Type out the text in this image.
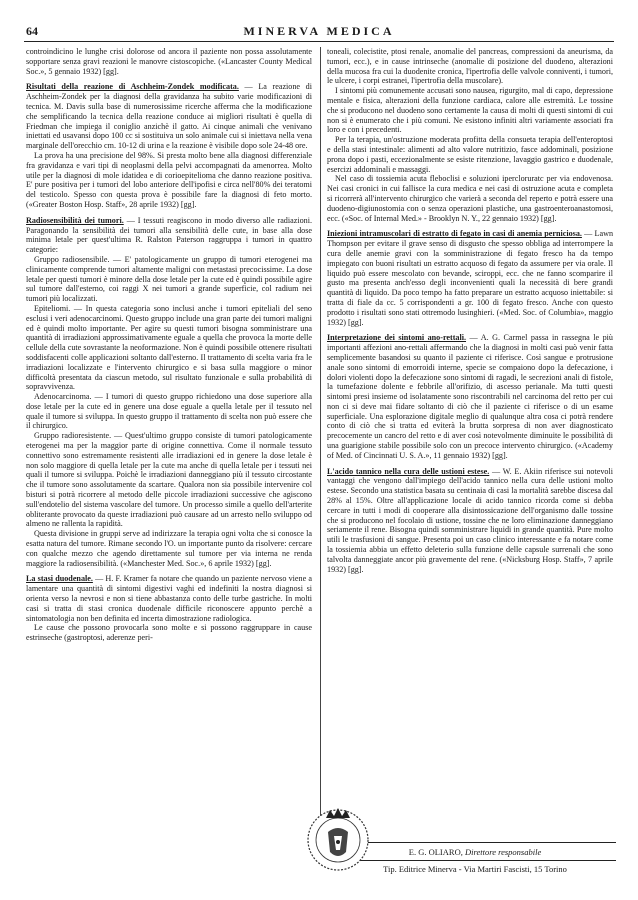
64	MINERVA MEDICA

controindicino le lunghe crisi dolorose od ancora il paziente non possa assolutamente sopportare senza gravi reazioni le manovre cistoscopiche. («Lancaster County Medical Soc.», 5 gennaio 1932) [gg].

Risultati della reazione di Aschheim-Zondek modificata. — La reazione di Aschheim-Zondek per la diagnosi della gravidanza ha subito varie modificazioni di tecnica. M. Davis sulla base di numerosissime ricerche afferma che la modificazione che semplificando la tecnica della reazione conduce ai migliori risultati è quella di Friedman che impiega il coniglio anzichè il gatto. Ai cinque animali che venivano iniettati ed usavansi dopo 100 cc si sostituiva un solo animale cui si iniettava nella vena marginale dell'orecchio cm. 10-12 di urina e la reazione è visibile dopo sole 24-48 ore.

La prova ha una precisione del 98%. Si presta molto bene alla diagnosi differenziale fra gravidanza e vari tipi di neoplasmi della pelvi accompagnati da amenorrea. Molto utile per la diagnosi di mole idatidea e di corioepitelioma che danno reazione positiva. E' pure positiva per i tumori del lobo anteriore dell'ipofisi e circa nell'80% dei teratomi del testicolo. Spesso con questa prova è possibile fare la diagnosi di feto morto. («Greater Boston Hosp. Staff», 28 aprile 1932) [gg].

Radiosensibilità dei tumori. — I tessuti reagiscono in modo diverso alle radiazioni. Paragonando la sensibilità dei tumori alla sensibilità delle cute, in base alla dose minima letale per quest'ultima R. Ralston Paterson raggruppa i tumori in quattro categorie:

Gruppo radiosensibile. — E' patologicamente un gruppo di tumori eterogenei ma clinicamente comprende tumori altamente maligni con metastasi precocissime. La dose letale per questi tumori è minore della dose letale per la cute ed è quindi possibile agire sul tumore dall'esterno, coi raggi X nei tumori a grande superficie, col radium nei tumori più localizzati.

Epiteliomi. — In questa categoria sono inclusi anche i tumori epiteliali del seno esclusi i veri adenocarcinomi. Questo gruppo include una gran parte dei tumori maligni ed è quindi molto importante. Per agire su questi tumori bisogna somministrare una quantità di irradiazioni approssimativamente eguale a quella che provoca la morte delle cellule della cute sovrastante la neoformazione. Non è quindi possibile ottenere risultati soddisfacenti colle applicazioni soltanto dall'esterno. Il trattamento di scelta varia fra le irradiazioni localizzate e l'intervento chirurgico e si basa sulla maggiore o minor difficoltà presentata da ciascun metodo, sul risultato funzionale e sulla probabilità di sopravvivenza.

Adenocarcinoma. — I tumori di questo gruppo richiedono una dose superiore alla dose letale per la cute ed in genere una dose eguale a quella letale per il tessuto nel quale il tumore si sviluppa. In questo gruppo il trattamento di scelta non può essere che il chirurgico.

Gruppo radioresistente. — Quest'ultimo gruppo consiste di tumori patologicamente eterogenei ma per la maggior parte di origine connettiva. Come il normale tessuto connettivo sono estremamente resistenti alle irradiazioni ed in genere la dose letale è non solo maggiore di quella letale per la cute ma anche di quella letale per i tessuti nei quali il tumore si sviluppa. Poichè le irradiazioni danneggiano più il tessuto circostante che il tumore sono assolutamente da scartare. Qualora non sia possibile intervenire col bisturi si potrà ricorrere al metodo delle piccole irradiazioni successive che agiscono sull'endotelio del sistema vascolare del tumore. Un processo simile a quello dell'arterite obliterante provocato da queste irradiazioni può causare ad un arresto nello sviluppo od almeno ne rallenta la rapidità.

Questa divisione in gruppi serve ad indirizzare la terapia ogni volta che si conosce la esatta natura del tumore. Rimane secondo l'O. un importante punto da risolvere: cercare con qualche mezzo che agendo direttamente sul tumore per via interna ne renda maggiore la radiosensibilità. («Manchester Med. Soc.», 6 aprile 1932) [gg].

La stasi duodenale. — H. F. Kramer fa notare che quando un paziente nervoso viene a lamentare una quantità di sintomi digestivi vaghi ed indefiniti la nostra diagnosi si orienta verso la nevrosi e non si tiene abbastanza conto delle turbe gastriche. In molti casi si tratta di stasi cronica duodenale difficile riconoscere appunto perchè a sintomatologia non ben definita ed incerta dimostrazione radiologica.

Le cause che possono provocarla sono molte e si possono raggruppare in cause estrinseche (gastroptosi, aderenze peri-

toneali, colecistite, ptosi renale, anomalie del pancreas, compressioni da aneurisma, da tumori, ecc.), e in cause intrinseche (anomalie di posizione del duodeno, alterazioni della mucosa fra cui la duodenite cronica, l'ipertrofia delle valvole conniventi, i tumori, le ulcere, i corpi estranei, l'ipertrofia della muscolare).

I sintomi più comunemente accusati sono nausea, rigurgito, mal di capo, depressione mentale e fisica, alterazioni della funzione cardiaca, calore alle estremità. Le tossine che si producono nel duodeno sono certamente la causa di molti di questi sintomi di cui non si è enumerato che i più comuni. Ne esistono infiniti altri variamente associati fra loro e con i precedenti.

Per la terapia, un'ostruzione moderata profitta della consueta terapia dell'enteroptosi e della stasi intestinale: alimenti ad alto valore nutritizio, fasce addominali, posizione prona dopo i pasti, eccezionalmente se esiste ritenzione, lavaggio gastrico e duodenale, esercizi addominali e massaggi.

Nel caso di tossiemia acuta fleboclisi e soluzioni ipercloruratc per via endovenosa. Nei casi cronici in cui fallisce la cura medica e nei casi di ostruzione acuta e completa si ricorrerà all'intervento chirurgico che varierà a seconda del reperto e potrà essere una duodeno-digiunostomia con o senza operazioni plastiche, una gastroenteroanastomosi, ecc. («Soc. of Internal Med.» - Brooklyn N. Y., 22 gennaio 1932) [gg].

Iniezioni intramuscolari di estratto di fegato in casi di anemia perniciosa. — Lawn Thompson per evitare il grave senso di disgusto che spesso obbliga ad interrompere la cura delle anemie gravi con la somministrazione di fegato fresco ha da tempo impiegato con buoni risultati un estratto acquoso di fegato da assumere per via orale. Il liquido può essere mescolato con bevande, sciroppi, ecc. che ne fanno scomparire il gusto ma presenta anch'esso degli inconvenienti quali la necessità di bere grandi quantità di liquido. Da poco tempo ha fatto preparare un estratto acquoso iniettabile: si tratta di fiale da cc. 5 corrispondenti a gr. 100 di fegato fresco. Anche con questo prodotto i risultati sono stati ottremodo lusinghieri. («Med. Soc. of Columbia», maggio 1932) [gg].

Interpretazione dei sintomi ano-rettali. — A. G. Carmel passa in rassegna le più importanti affezioni ano-rettali affermando che la diagnosi in molti casi può venir fatta semplicemente basandosi su quanto il paziente ci riferisce. Così sangue e protrusione anale sono sintomi di emorroidi interne, specie se compaiono dopo la defecazione, i dolori violenti dopo la defecazione sono sintomi di ragadi, le secrezioni anali di fistole, la tumefazione dolente e febbrile all'orifizio, di ascesso perianale. Ma tutti questi sintomi presi insieme od isolatamente sono riscontrabili nel carcinoma del retto per cui non ci si deve mai fidare soltanto di ciò che il paziente ci riferisce o di un esame superficiale. Una esplorazione digitale meglio di qualunque altra cosa ci potrà rendere conto di ciò che si tratta ed eviterà la brutta sorpresa di non aver diagnosticato precocemente un cancro del retto e di aver così notevolmente diminuite le possibilità di una guarigione stabile possibile solo con un precoce intervento chirurgico. («Academy of Med. of Cincinnati U. S. A.», 11 gennaio 1932) [gg].

L'acido tannico nella cura delle ustioni estese. — W. E. Akiin riferisce sui notevoli vantaggi che vengono dall'impiego dell'acido tannico nella cura delle ustioni molto estese. Secondo una statistica basata su centinaia di casi la mortalità sarebbe discesa dal 28% al 15%. Oltre all'applicazione locale di acido tannico ricorda come si debba cercare in tutti i modi di cooperare alla disintossicazione dell'organismo dalle tossine che si producono nel focolaio di ustione, tossine che ne loro eliminazione danneggiano seriamente il rene. Bisogna quindi somministrare liquidi in grande quantità. Pure molto utili le trasfusioni di sangue. Presenta poi un caso clinico interessante e fa notare come la tossiemia abbia un effetto deleterio sulla funzione delle capsule surrenali che sono talvolta danneggiate ancor più gravemente del rene. («Nicksburg Hosp. Staff», 7 aprile 1932) [gg].

E. G. OLIARO, Direttore responsabile
Tip. Editrice Minerva - Via Martiri Fascisti, 15 Torino
